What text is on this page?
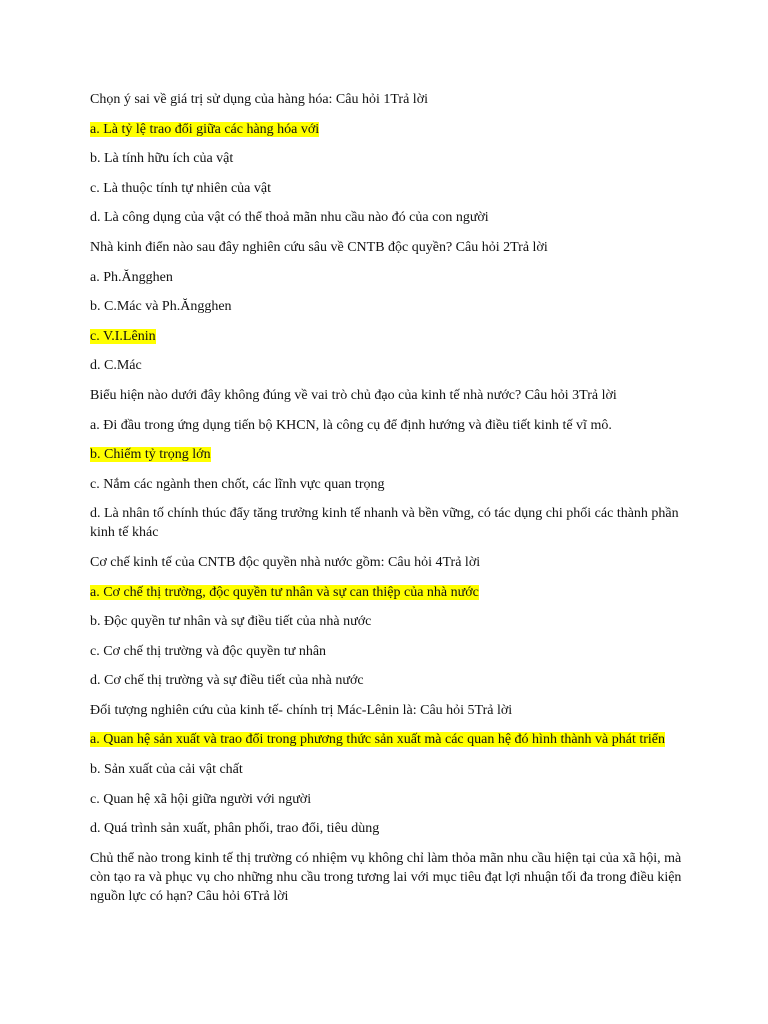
Chọn ý sai về giá trị sử dụng của hàng hóa: Câu hỏi 1Trả lời

a. Là tỷ lệ trao đổi giữa các hàng hóa với

b. Là tính hữu ích của vật

c. Là thuộc tính tự nhiên của vật

d. Là công dụng của vật có thể thoả mãn nhu cầu nào đó của con người

Nhà kinh điển nào sau đây nghiên cứu sâu về CNTB độc quyền? Câu hỏi 2Trả lời

a. Ph.Ăngghen

b. C.Mác và Ph.Ăngghen

c. V.I.Lênin

d. C.Mác

Biểu hiện nào dưới đây không đúng về vai trò chủ đạo của kinh tế nhà nước? Câu hỏi 3Trả lời

a. Đi đầu trong ứng dụng tiến bộ KHCN, là công cụ để định hướng và điều tiết kinh tế vĩ mô.

b. Chiếm tỷ trọng lớn

c. Nắm các ngành then chốt, các lĩnh vực quan trọng

d. Là nhân tố chính thúc đẩy tăng trưởng kinh tế nhanh và bền vững, có tác dụng chi phối các thành phần kinh tế khác

Cơ chế kinh tế của CNTB độc quyền nhà nước gồm: Câu hỏi 4Trả lời

a. Cơ chế thị trường, độc quyền tư nhân và sự can thiệp của nhà nước

b. Độc quyền tư nhân và sự điều tiết của nhà nước

c. Cơ chế thị trường và độc quyền tư nhân

d. Cơ chế thị trường và sự điều tiết của nhà nước

Đối tượng nghiên cứu của kinh tế- chính trị Mác-Lênin là: Câu hỏi 5Trả lời

a. Quan hệ sản xuất và trao đổi trong phương thức sản xuất mà các quan hệ đó hình thành và phát triển

b. Sản xuất của cải vật chất

c. Quan hệ xã hội giữa người với người

d. Quá trình sản xuất, phân phối, trao đổi, tiêu dùng

Chủ thể nào trong kinh tế thị trường có nhiệm vụ không chỉ làm thỏa mãn nhu cầu hiện tại của xã hội, mà còn tạo ra và phục vụ cho những nhu cầu trong tương lai với mục tiêu đạt lợi nhuận tối đa trong điều kiện nguồn lực có hạn? Câu hỏi 6Trả lời
